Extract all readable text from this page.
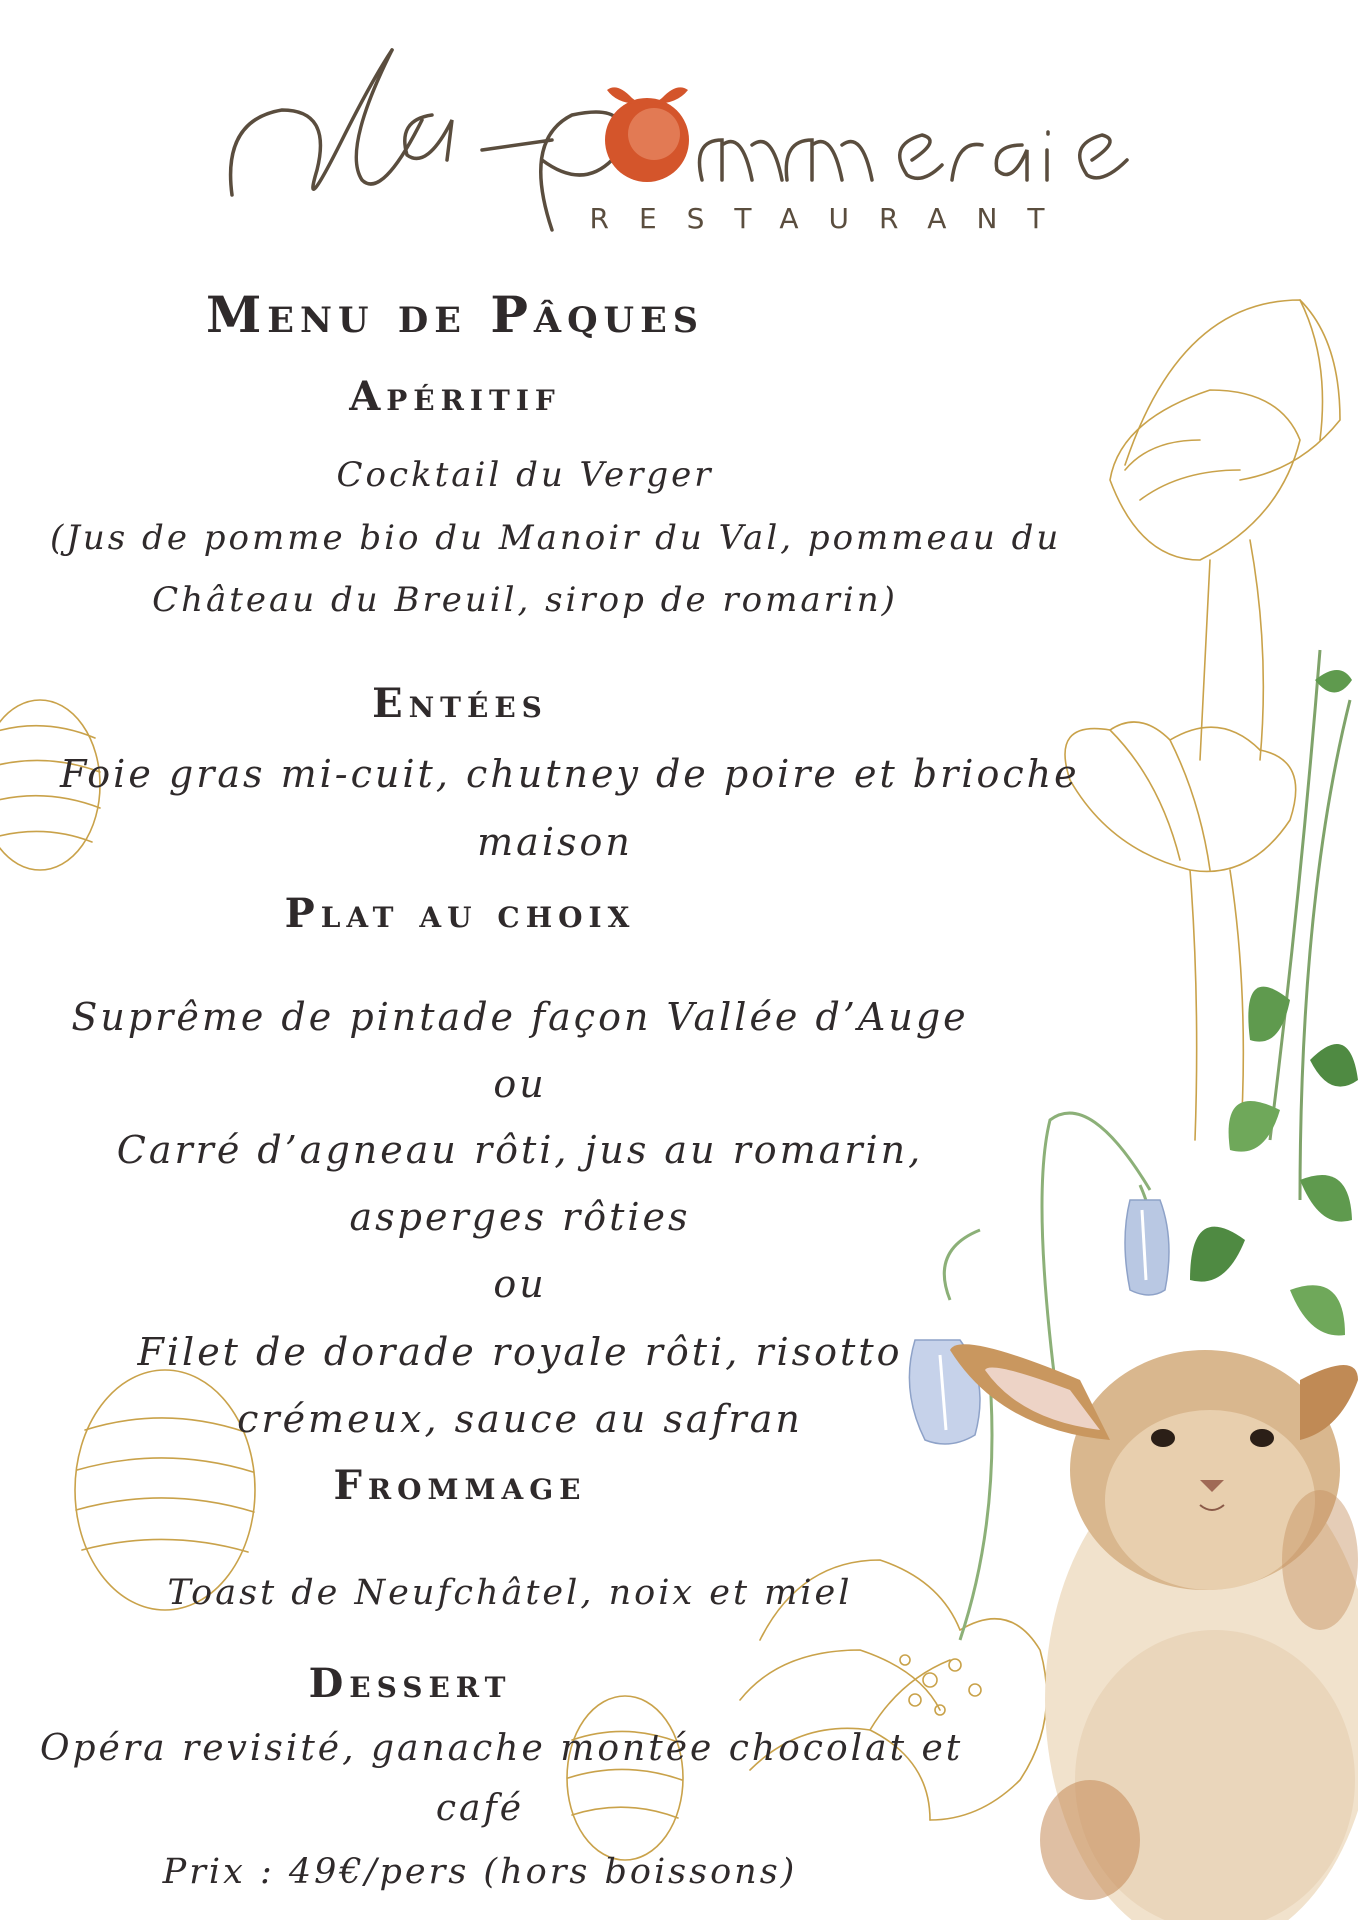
RESTAURANT
Menu de Pâques
Apéritif
Cocktail du Verger
(Jus de pomme bio du Manoir du Val, pommeau du
Château du Breuil, sirop de romarin)
Entées
Foie gras mi-cuit, chutney de poire et brioche
maison
Plat au choix
Suprême de pintade façon Vallée d’Auge
ou
Carré d’agneau rôti, jus au romarin,
asperges rôties
ou
Filet de dorade royale rôti, risotto
crémeux, sauce au safran
Frommage
Toast de Neufchâtel, noix et miel
Dessert
Opéra revisité, ganache montée chocolat et
café
Prix : 49€/pers (hors boissons)
